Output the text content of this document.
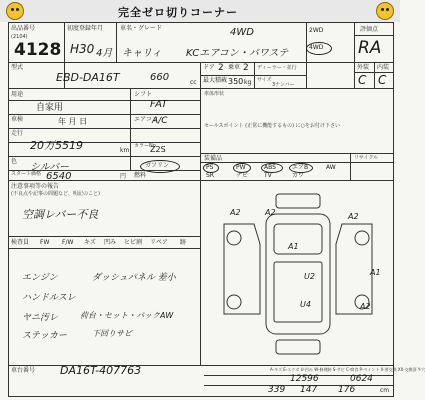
完全ゼロ切りコーナー
出品番号
(2104)
4128
初度登録年月	車名・グレード
H30 4月 キャリィ KCエアコン・パワステ
4WD	2WD
4WD
評価点
RA
型式
EBD-DA16T	660	cc
ドア 2 乗車 2 ディーラー・並行
最大積載 350 kg サイズ
3ナンバー
外装 内装
C C
用途
自家用
シフト
FAT
車検	年 月 日	エアコン
A/C
走行
20万5519	km
ガソリン
燃料
色
シルバー
カラーNo.
Z2S
スタート価格 6540	円
車体形状
セールスポイント (正常に機能するもの) に○をお付け下さい
装備品	リサイクル
PS	PW	ABS	エアB	AW
SR	ナビ	TV	カワ
注意事項等の報告
(不良点や記事の問題など、明記のこと)
空調レバー不良
検査員 FW F/W キズ 凹み ヒビ割 リペア 跡
エンジン	ダッシュパネル 差小
ハンドルスレ
ヤニ汚レ	荷台・セット・バックAW
ステッカー	下回りサビ
車台番号 DA16T-407763
A2	A2	A2
A1
A1
U2
U4	A2
A-キズ E-エクボ U-凹み W-修理跡 S-サビ C-腐食 P-ペイント X-要交換 XX-交換済 Y-穴
12596	0624
339 147 176	cm
